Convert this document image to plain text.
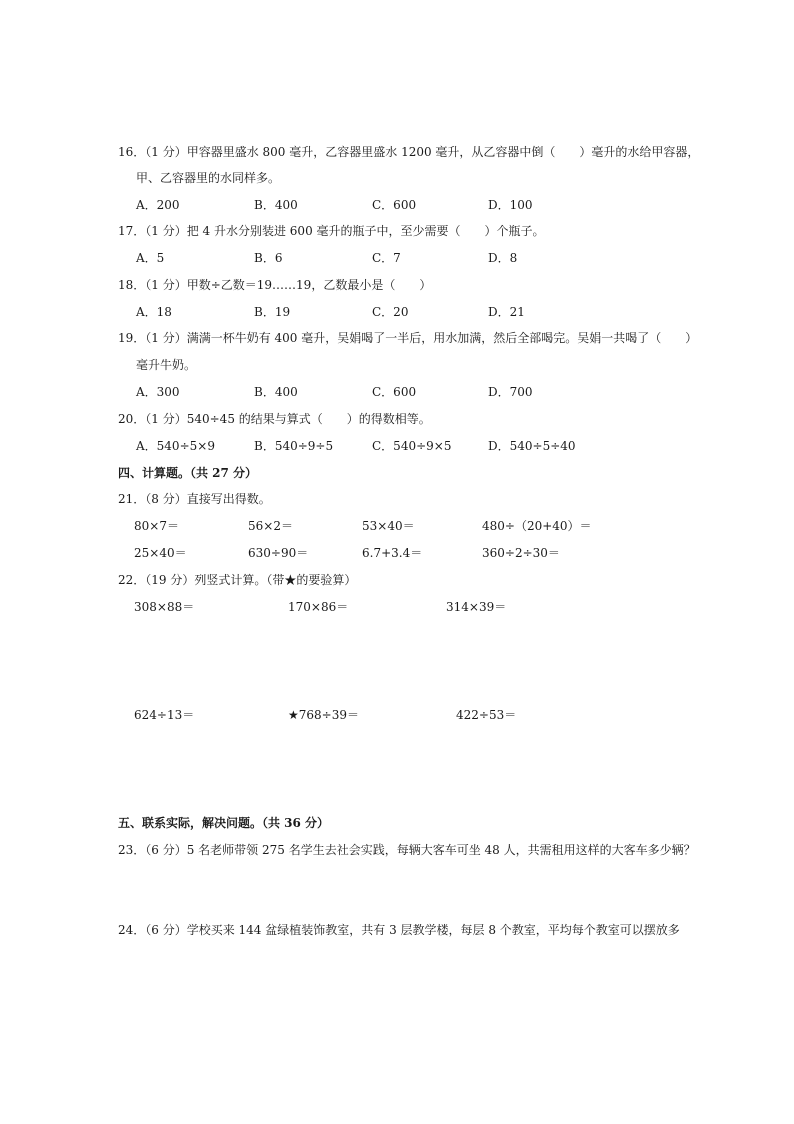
16．（1 分）甲容器里盛水 800 毫升，乙容器里盛水 1200 毫升，从乙容器中倒（　　）毫升的水给甲容器，
甲、乙容器里的水同样多。
A．200	B．400	C．600	D．100
17．（1 分）把 4 升水分别装进 600 毫升的瓶子中，至少需要（　　）个瓶子。
A．5	B．6	C．7	D．8
18．（1 分）甲数÷乙数＝19……19，乙数最小是（　　）
A．18	B．19	C．20	D．21
19．（1 分）满满一杯牛奶有 400 毫升，吴娟喝了一半后，用水加满，然后全部喝完。吴娟一共喝了（　　）
毫升牛奶。
A．300	B．400	C．600	D．700
20．（1 分）540÷45 的结果与算式（　　）的得数相等。
A．540÷5×9	B．540÷9÷5	C．540÷9×5	D．540÷5÷40
四、计算题。（共 27 分）
21．（8 分）直接写出得数。
80×7＝	56×2＝	53×40＝	480÷（20+40）＝
25×40＝	630÷90＝	6.7+3.4＝	360÷2÷30＝
22．（19 分）列竖式计算。（带★的要验算）
308×88＝	170×86＝	314×39＝
624÷13＝	★768÷39＝	422÷53＝
五、联系实际，解决问题。（共 36 分）
23．（6 分）5 名老师带领 275 名学生去社会实践，每辆大客车可坐 48 人，共需租用这样的大客车多少辆？
24．（6 分）学校买来 144 盆绿植装饰教室，共有 3 层教学楼，每层 8 个教室，平均每个教室可以摆放多
